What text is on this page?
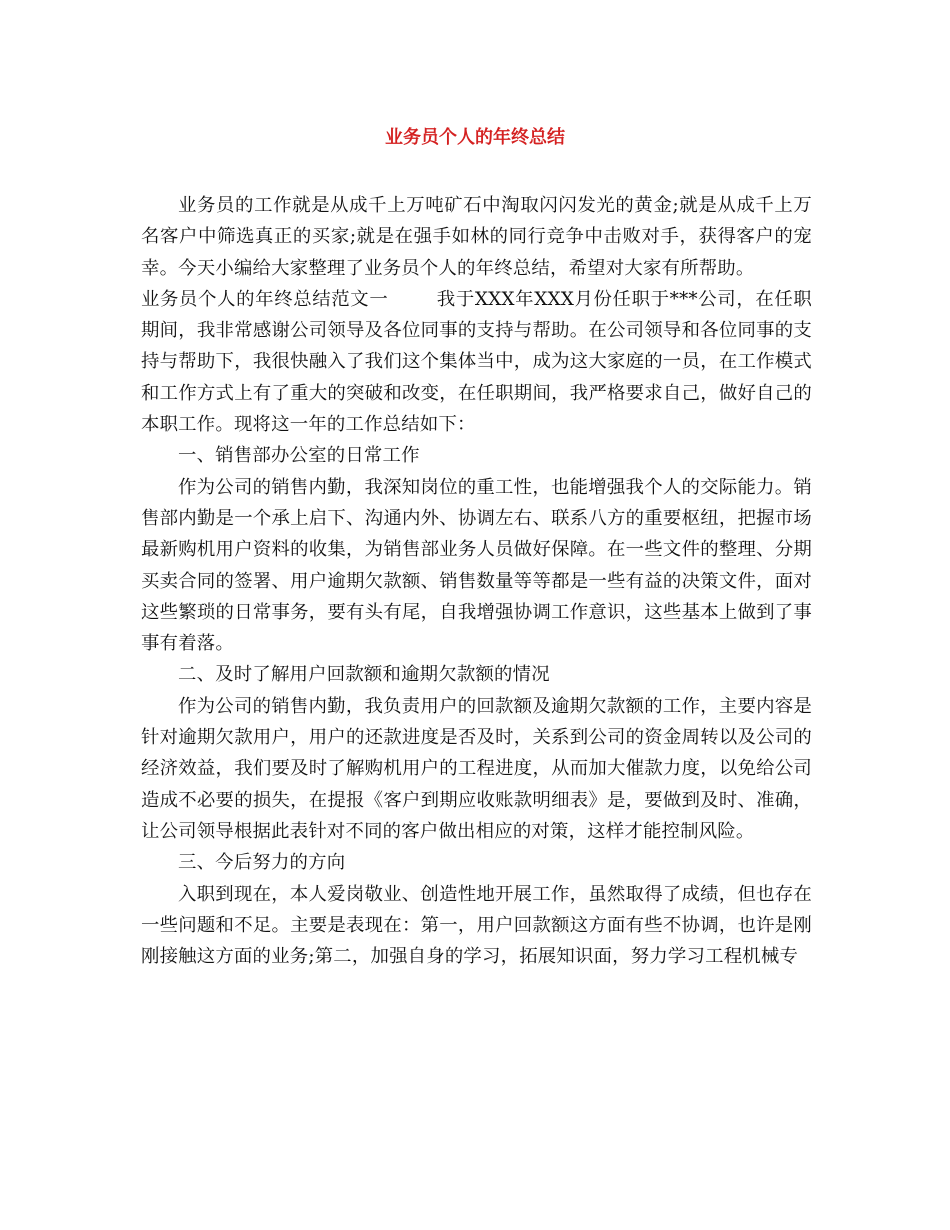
业务员个人的年终总结

业务员的工作就是从成千上万吨矿石中淘取闪闪发光的黄金;就是从成千上万名客户中筛选真正的买家;就是在强手如林的同行竞争中击败对手，获得客户的宠幸。今天小编给大家整理了业务员个人的年终总结，希望对大家有所帮助。

业务员个人的年终总结范文一	我于XXX年XXX月份任职于***公司，在任职期间，我非常感谢公司领导及各位同事的支持与帮助。在公司领导和各位同事的支持与帮助下，我很快融入了我们这个集体当中，成为这大家庭的一员，在工作模式和工作方式上有了重大的突破和改变，在任职期间，我严格要求自己，做好自己的本职工作。现将这一年的工作总结如下：

一、销售部办公室的日常工作

作为公司的销售内勤，我深知岗位的重工性，也能增强我个人的交际能力。销售部内勤是一个承上启下、沟通内外、协调左右、联系八方的重要枢纽，把握市场最新购机用户资料的收集，为销售部业务人员做好保障。在一些文件的整理、分期买卖合同的签署、用户逾期欠款额、销售数量等等都是一些有益的决策文件，面对这些繁琐的日常事务，要有头有尾，自我增强协调工作意识，这些基本上做到了事事有着落。

二、及时了解用户回款额和逾期欠款额的情况

作为公司的销售内勤，我负责用户的回款额及逾期欠款额的工作，主要内容是针对逾期欠款用户，用户的还款进度是否及时，关系到公司的资金周转以及公司的经济效益，我们要及时了解购机用户的工程进度，从而加大催款力度，以免给公司造成不必要的损失，在提报《客户到期应收账款明细表》是，要做到及时、准确，让公司领导根据此表针对不同的客户做出相应的对策，这样才能控制风险。

三、今后努力的方向

入职到现在，本人爱岗敬业、创造性地开展工作，虽然取得了成绩，但也存在一些问题和不足。主要是表现在：第一，用户回款额这方面有些不协调，也许是刚刚接触这方面的业务;第二，加强自身的学习，拓展知识面，努力学习工程机械专
